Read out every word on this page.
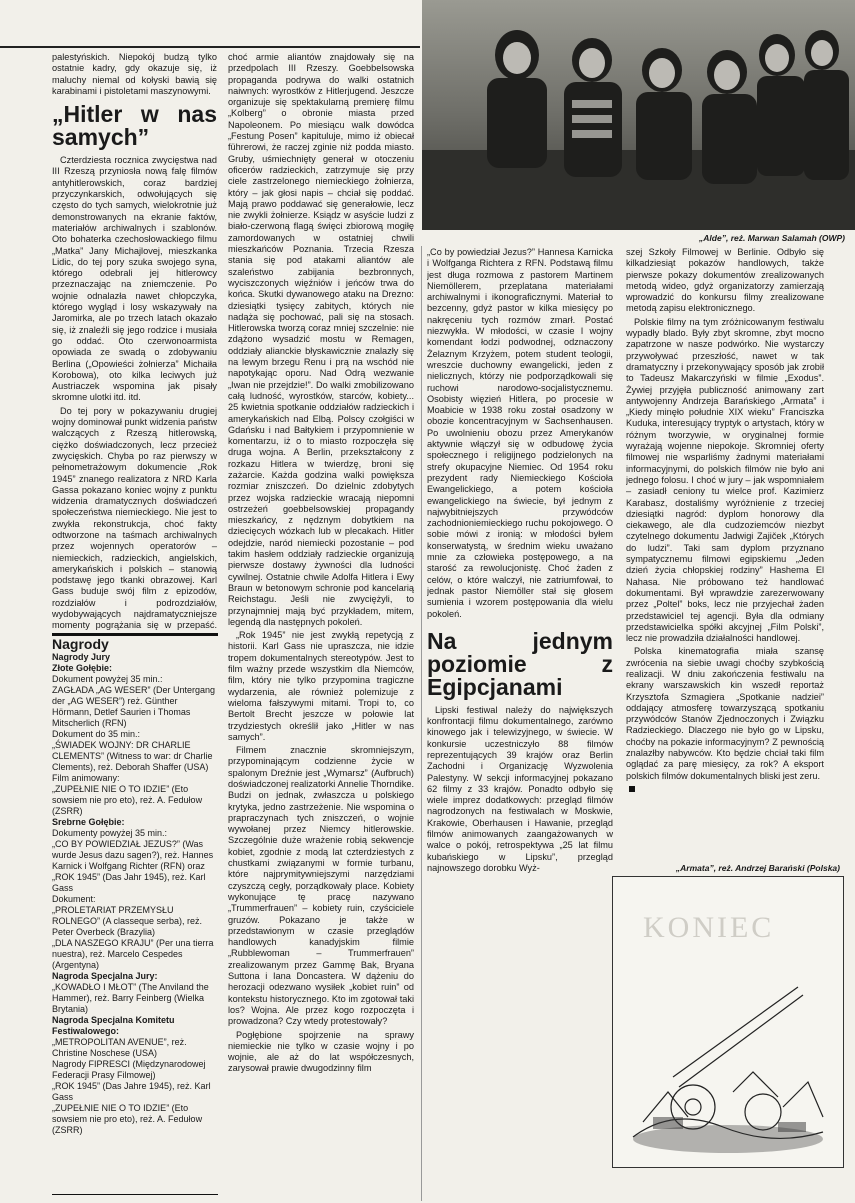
palestyńskich. Niepokój budzą tylko ostatnie kadry, gdy okazuje się, iż maluchy niemal od kołyski bawią się karabinami i pistoletami maszynowymi.

„Hitler w nas samych”

Czterdziesta rocznica zwycięstwa nad III Rzeszą przyniosła nową falę filmów antyhitlerowskich, coraz bardziej przyczynkarskich, odwołujących się często do tych samych, wielokrotnie już demonstrowanych na ekranie faktów, materiałów archiwalnych i szablonów. Oto bohaterka czechosłowackiego filmu „Matka” Jany Michajlovej, mieszkanka Lidic, do tej pory szuka swojego syna, którego odebrali jej hitlerowcy przeznaczając na zniemczenie. Po wojnie odnalazła nawet chłopczyka, którego wygląd i losy wskazywały na Jaromirka, ale po trzech latach okazało się, iż znaleźli się jego rodzice i musiała go oddać. Oto czerwonoarmista opowiada ze swadą o zdobywaniu Berlina („Opowieści żołnierza” Michaiła Korobowa), oto kilka leciwych już Austriaczek wspomina jak pisały skromne ulotki itd. itd.

Do tej pory w pokazywaniu drugiej wojny dominował punkt widzenia państw walczących z Rzeszą hitlerowską, ciężko doświadczonych, lecz przecież zwycięskich. Chyba po raz pierwszy w pełnometrażowym dokumencie „Rok 1945” znanego realizatora z NRD Karla Gassa pokazano koniec wojny z punktu widzenia dramatycznych doświadczeń społeczeństwa niemieckiego. Nie jest to zwykła rekonstrukcja, choć fakty odtworzone na taśmach archiwalnych przez wojennych operatorów – niemieckich, radzieckich, angielskich, amerykańskich i polskich – stanowią podstawę jego tkanki obrazowej. Karl Gass buduje swój film z epizodów, rozdziałów i podrozdziałów, wydobywających najdramatyczniejsze momenty pogrążania się w przepaść.

Nagrody
Nagrody Jury
Złote Gołębie:
Dokument powyżej 35 min.:
ZAGŁADA „AG WESER” (Der Untergang der „AG WESER”) reż. Günther Hörmann, Detlef Saurien i Thomas Mitscherlich (RFN)
Dokument do 35 min.:
„ŚWIADEK WOJNY: DR CHARLIE CLEMENTS” (Witness to war: dr Charlie Clements), reż. Deborah Shaffer (USA)
Film animowany:
„ZUPEŁNIE NIE O TO IDZIE” (Eto sowsiem nie pro eto), reż. A. Fedułow (ZSRR)
Srebrne Gołębie:
Dokumenty powyżej 35 min.:
„CO BY POWIEDZIAŁ JEZUS?” (Was wurde Jesus dazu sagen?), reż. Hannes Karnick i Wolfgang Richter (RFN) oraz „ROK 1945” (Das Jahr 1945), reż. Karl Gass
Dokument:
„PROLETARIAT PRZEMYSŁU ROLNEGO” (A classeque serba), reż. Peter Overbeck (Brazylia)
„DLA NASZEGO KRAJU” (Per una tierra nuestra), reż. Marcelo Cespedes (Argentyna)
Nagroda Specjalna Jury:
„KOWADŁO I MŁOT” (The Anviland the Hammer), reż. Barry Feinberg (Wielka Brytania)
Nagroda Specjalna Komitetu Festiwalowego:
„METROPOLITAN AVENUE”, reż. Christine Noschese (USA)
Nagrody FIPRESCI (Międzynarodowej Federacji Prasy Filmowej)
„ROK 1945” (Das Jahre 1945), reż. Karl Gass
„ZUPEŁNIE NIE O TO IDZIE” (Eto sowsiem nie pro eto), reż. A. Fedułow (ZSRR)

choć armie aliantów znajdowały się na przedpolach III Rzeszy. Goebbelsowska propaganda podrywa do walki ostatnich naiwnych: wyrostków z Hitlerjugend. Jeszcze organizuje się spektakularną premierę filmu „Kolberg” o obronie miasta przed Napoleonem. Po miesiącu walk dowódca „Festung Posen” kapituluje, mimo iż obiecał führerowi, że raczej zginie niż podda miasto. Gruby, uśmiechnięty generał w otoczeniu oficerów radzieckich, zatrzymuje się przy ciele zastrzelonego niemieckiego żołnierza, który – jak głosi napis – chciał się poddać. Mają prawo poddawać się generałowie, lecz nie zwykli żołnierze. Ksiądz w asyście ludzi z biało-czerwoną flagą święci zbiorową mogiłę zamordowanych w ostatniej chwili mieszkańców Poznania. Trzecia Rzesza stania się pod atakami aliantów ale szaleństwo zabijania bezbronnych, wyciszczonych więźniów i jeńców trwa do końca. Skutki dywanowego ataku na Drezno: dziesiątki tysięcy zabitych, których nie nadąża się pochować, pali się na stosach. Hitlerowska tworzą coraz mniej szczelnie: nie zdążono wysadzić mostu w Remagen, oddziały alianckie błyskawicznie znalazły się na lewym brzegu Renu i prą na wschód nie napotykając oporu. Nad Odrą wezwanie „Iwan nie przejdzie!”. Do walki zmobilizowano całą ludność, wyrostków, starców, kobiety... 25 kwietnia spotkanie oddziałów radzieckich i amerykańskich nad Elbą. Polscy czołgiści w Gdańsku i nad Bałtykiem i przypomnienie w komentarzu, iż o to miasto rozpoczęła się druga wojna. A Berlin, przekształcony z rozkazu Hitlera w twierdzę, broni się zażarcie. Każda godzina walki powiększa rozmiar zniszczeń. Do dzielnic zdobytych przez wojska radzieckie wracają niepomni ostrzeżeń goebbelsowskiej propagandy mieszkańcy, z nędznym dobytkiem na dziecięcych wózkach lub w plecakach. Hitler odejdzie, naród niemiecki pozostanie – pod takim hasłem oddziały radzieckie organizują pierwsze dostawy żywności dla ludności cywilnej. Ostatnie chwile Adolfa Hitlera i Ewy Braun w betonowym schronie pod kancelarią Reichstagu. Jeśli nie zwyciężyli, to przynajmniej mają być przykładem, mitem, legendą dla następnych pokoleń.

„Rok 1945” nie jest zwykłą repetycją z historii. Karl Gass nie upraszcza, nie idzie tropem dokumentalnych stereotypów. Jest to film ważny przede wszystkim dla Niemców, film, który nie tylko przypomina tragiczne wydarzenia, ale również polemizuje z wieloma fałszywymi mitami. Tropi to, co Bertolt Brecht jeszcze w połowie lat trzydziestych określił jako „Hitler w nas samych”.

Filmem znacznie skromniejszym, przypominającym codzienne życie w spalonym Dreźnie jest „Wymarsz” (Aufbruch) doświadczonej realizatorki Annelie Thorndike. Budzi on jednak, zwłaszcza u polskiego krytyka, jedno zastrzeżenie. Nie wspomina o prapraczynach tych zniszczeń, o wojnie wywołanej przez Niemcy hitlerowskie. Szczególnie duże wrażenie robią sekwencje kobiet, zgodnie z modą lat czterdziestych z chustkami związanymi w formie turbanu, które najprymitywniejszymi narzędziami czyszczą cegły, porządkowały place. Kobiety wykonujące tę pracę nazywano „Trummerfrauen” – kobiety ruin, czyściciele gruzów. Pokazano je także w przedstawionym w czasie przeglądów handlowych kanadyjskim filmie „Rubblewoman – Trummerfrauen” zrealizowanym przez Gammę Bak, Bryana Suttona i Iana Doncastera. W dążeniu do herozacji odezwano wysiłek „kobiet ruin” od kontekstu historycznego. Kto im zgotował taki los? Wojna. Ale przez kogo rozpoczęta i prowadzona? Czy wtedy protestowały?

Pogłębione spojrzenie na sprawy niemieckie nie tylko w czasie wojny i po wojnie, ale aż do lat współczesnych, zarysował prawie dwugodzinny film

„Alde”, reż. Marwan Salamah (OWP)

„Co by powiedział Jezus?” Hannesa Karnicka i Wolfganga Richtera z RFN. Podstawą filmu jest długa rozmowa z pastorem Martinem Niemöllerem, przeplatana materiałami archiwalnymi i ikonograficznymi. Materiał to bezcenny, gdyż pastor w kilka miesięcy po nakręceniu tych rozmów zmarł. Postać niezwykła. W młodości, w czasie I wojny komendant łodzi podwodnej, odznaczony Żelaznym Krzyżem, potem student teologii, wreszcie duchowny ewangelicki, jeden z nielicznych, którzy nie podporządkowali się ruchowi narodowo-socjalistycznemu. Osobisty więzień Hitlera, po procesie w Moabicie w 1938 roku został osadzony w obozie koncentracyjnym w Sachsenhausen. Po uwolnieniu obozu przez Amerykanów aktywnie włączył się w odbudowę życia społecznego i religijnego podzielonych na strefy okupacyjne Niemiec. Od 1954 roku prezydent rady Niemieckiego Kościoła Ewangelickiego, a potem kościoła ewangelickiego na świecie, był jednym z najwybitniejszych przywódców zachodnioniemieckiego ruchu pokojowego. O sobie mówi z ironią: w młodości byłem konserwatystą, w średnim wieku uważano mnie za człowieka postępowego, a na starość za rewolucjonistę. Choć żaden z celów, o które walczył, nie zatriumfował, to jednak pastor Niemöller stał się głosem sumienia i wzorem postępowania dla wielu pokoleń.

Na jednym poziomie z Egipcjanami

Lipski festiwal należy do największych konfrontacji filmu dokumentalnego, zarówno kinowego jak i telewizyjnego, w świecie. W konkursie uczestniczyło 88 filmów reprezentujących 39 krajów oraz Berlin Zachodni i Organizację Wyzwolenia Palestyny. W sekcji informacyjnej pokazano 62 filmy z 33 krajów. Ponadto odbyło się wiele imprez dodatkowych: przegląd filmów nagrodzonych na festiwalach w Moskwie, Krakowie, Oberhausen i Hawanie, przegląd filmów animowanych zaangażowanych w walce o pokój, retrospektywa „25 lat filmu kubańskiego w Lipsku”, przegląd najnowszego dorobku Wyż-

szej Szkoły Filmowej w Berlinie. Odbyło się kilkadziesiąt pokazów handlowych, także pierwsze pokazy dokumentów zrealizowanych metodą wideo, gdyż organizatorzy zamierzają wprowadzić do konkursu filmy zrealizowane metodą zapisu elektronicznego.

Polskie filmy na tym zróżnicowanym festiwalu wypadły blado. Były zbyt skromne, zbyt mocno zapatrzone w nasze podwórko. Nie wystarczy przywoływać przeszłość, nawet w tak dramatyczny i przekonywający sposób jak zrobił to Tadeusz Makarczyński w filmie „Exodus”. Żywiej przyjęła publiczność animowany zart antywojenny Andrzeja Barańskiego „Armata” i „Kiedy minęło południe XIX wieku” Franciszka Kuduka, interesujący tryptyk o artystach, który w różnym tworzywie, w oryginalnej formie wyrażają wojenne niepokoje. Skromniej oferty filmowej nie wsparliśmy żadnymi materiałami informacyjnymi, do polskich filmów nie było ani jednego folosu. I choć w jury – jak wspomniałem – zasiadł ceniony tu wielce prof. Kazimierz Karabasz, dostaliśmy wyróżnienie z trzeciej dziesiątki nagród: dyplom honorowy dla ciekawego, ale dla cudzoziemców niezbyt czytelnego dokumentu Jadwigi Zajiček „Których do ludzi”. Taki sam dyplom przyznano sympatycznemu filmowi egipskiemu „Jeden dzień życia chłopskiej rodziny” Hashema El Nahasa. Nie próbowano też handlować dokumentami. Był wprawdzie zarezerwowany przez „Poltel” boks, lecz nie przyjechał żaden przedstawiciel tej agencji. Była dla odmiany przedstawicielka spółki akcyjnej „Film Polski”, lecz nie prowadziła działalności handlowej.

Polska kinematografia miała szansę zwrócenia na siebie uwagi choćby szybkością realizacji. W dniu zakończenia festiwalu na ekrany warszawskich kin wszedł reportaż Krzysztofa Szmagiera „Spotkanie nadziei” oddający atmosferę towarzyszącą spotkaniu przywódców Stanów Zjednoczonych i Związku Radzieckiego. Dlaczego nie było go w Lipsku, choćby na pokazie informacyjnym? Z pewnością znalazłby nabywców. Kto będzie chciał taki film oglądać za parę miesięcy, za rok? A eksport polskich filmów dokumentalnych bliski jest zeru.

„Armata”, reż. Andrzej Barański (Polska)
KONIEC
